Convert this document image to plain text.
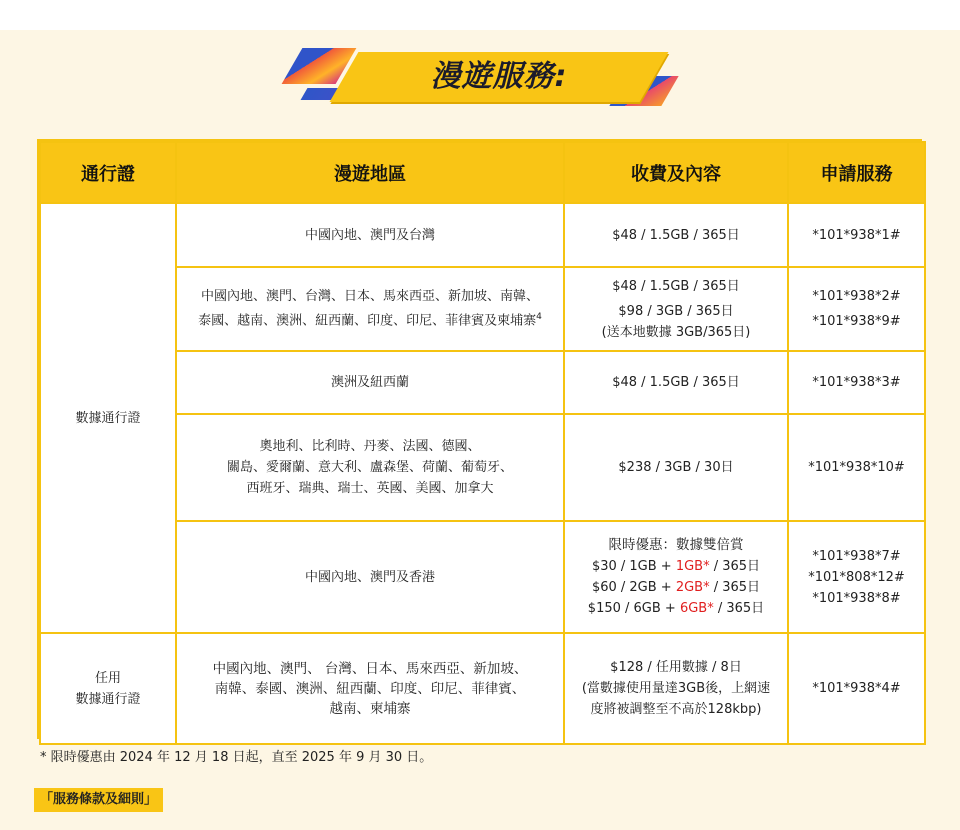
漫遊服務:
通行證	漫遊地區	收費及內容	申請服務
數據通行證	中國內地、澳門及台灣	$48 / 1.5GB / 365日	*101*938*1#

	中國內地、澳門、台灣、日本、馬來西亞、新加坡、南韓、
泰國、越南、澳洲、紐西蘭、印度、印尼、菲律賓及柬埔寨$^4$	$48 / 1.5GB / 365日
$98 / 3GB / 365日
(送本地數據 3GB/365日)	*101*938*2#
*101*938*9#

	澳洲及紐西蘭	$48 / 1.5GB / 365日	*101*938*3#

	奧地利、比利時、丹麥、法國、德國、
關島、愛爾蘭、意大利、盧森堡、荷蘭、葡萄牙、
西班牙、瑞典、瑞士、英國、美國、加拿大	$238 / 3GB / 30日	*101*938*10#

	中國內地、澳門及香港	限時優惠：數據雙倍賞
$30 / 1GB + 1GB* / 365日
$60 / 2GB + 2GB* / 365日
$150 / 6GB + 6GB* / 365日	*101*938*7#
*101*808*12#
*101*938*8#

任用
數據通行證	中國內地、澳門、 台灣、日本、馬來西亞、新加坡、
南韓、泰國、澳洲、紐西蘭、印度、印尼、菲律賓、
越南、柬埔寨	$128 / 任用數據 / 8日
(當數據使用量達3GB後，上網速
度將被調整至不高於128kbp)	*101*938*4#
* 限時優惠由 2024 年 12 月 18 日起，直至 2025 年 9 月 30 日。
「服務條款及細則」
